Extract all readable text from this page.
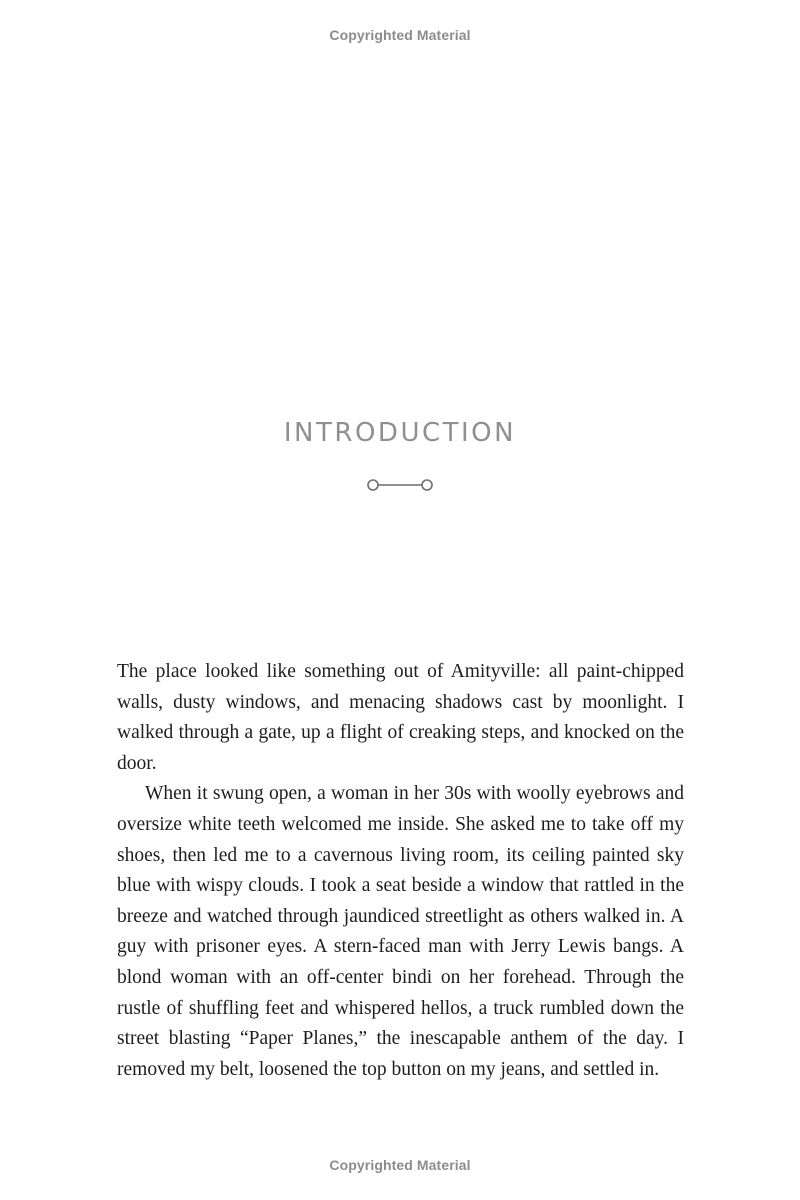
Copyrighted Material
INTRODUCTION

The place looked like something out of Amityville: all paint-chipped walls, dusty windows, and menacing shadows cast by moonlight. I walked through a gate, up a flight of creaking steps, and knocked on the door.

When it swung open, a woman in her 30s with woolly eyebrows and oversize white teeth welcomed me inside. She asked me to take off my shoes, then led me to a cavernous living room, its ceiling painted sky blue with wispy clouds. I took a seat beside a window that rattled in the breeze and watched through jaundiced streetlight as others walked in. A guy with prisoner eyes. A stern-faced man with Jerry Lewis bangs. A blond woman with an off-center bindi on her forehead. Through the rustle of shuffling feet and whispered hellos, a truck rumbled down the street blasting “Paper Planes,” the inescapable anthem of the day. I removed my belt, loosened the top button on my jeans, and settled in.

Copyrighted Material
